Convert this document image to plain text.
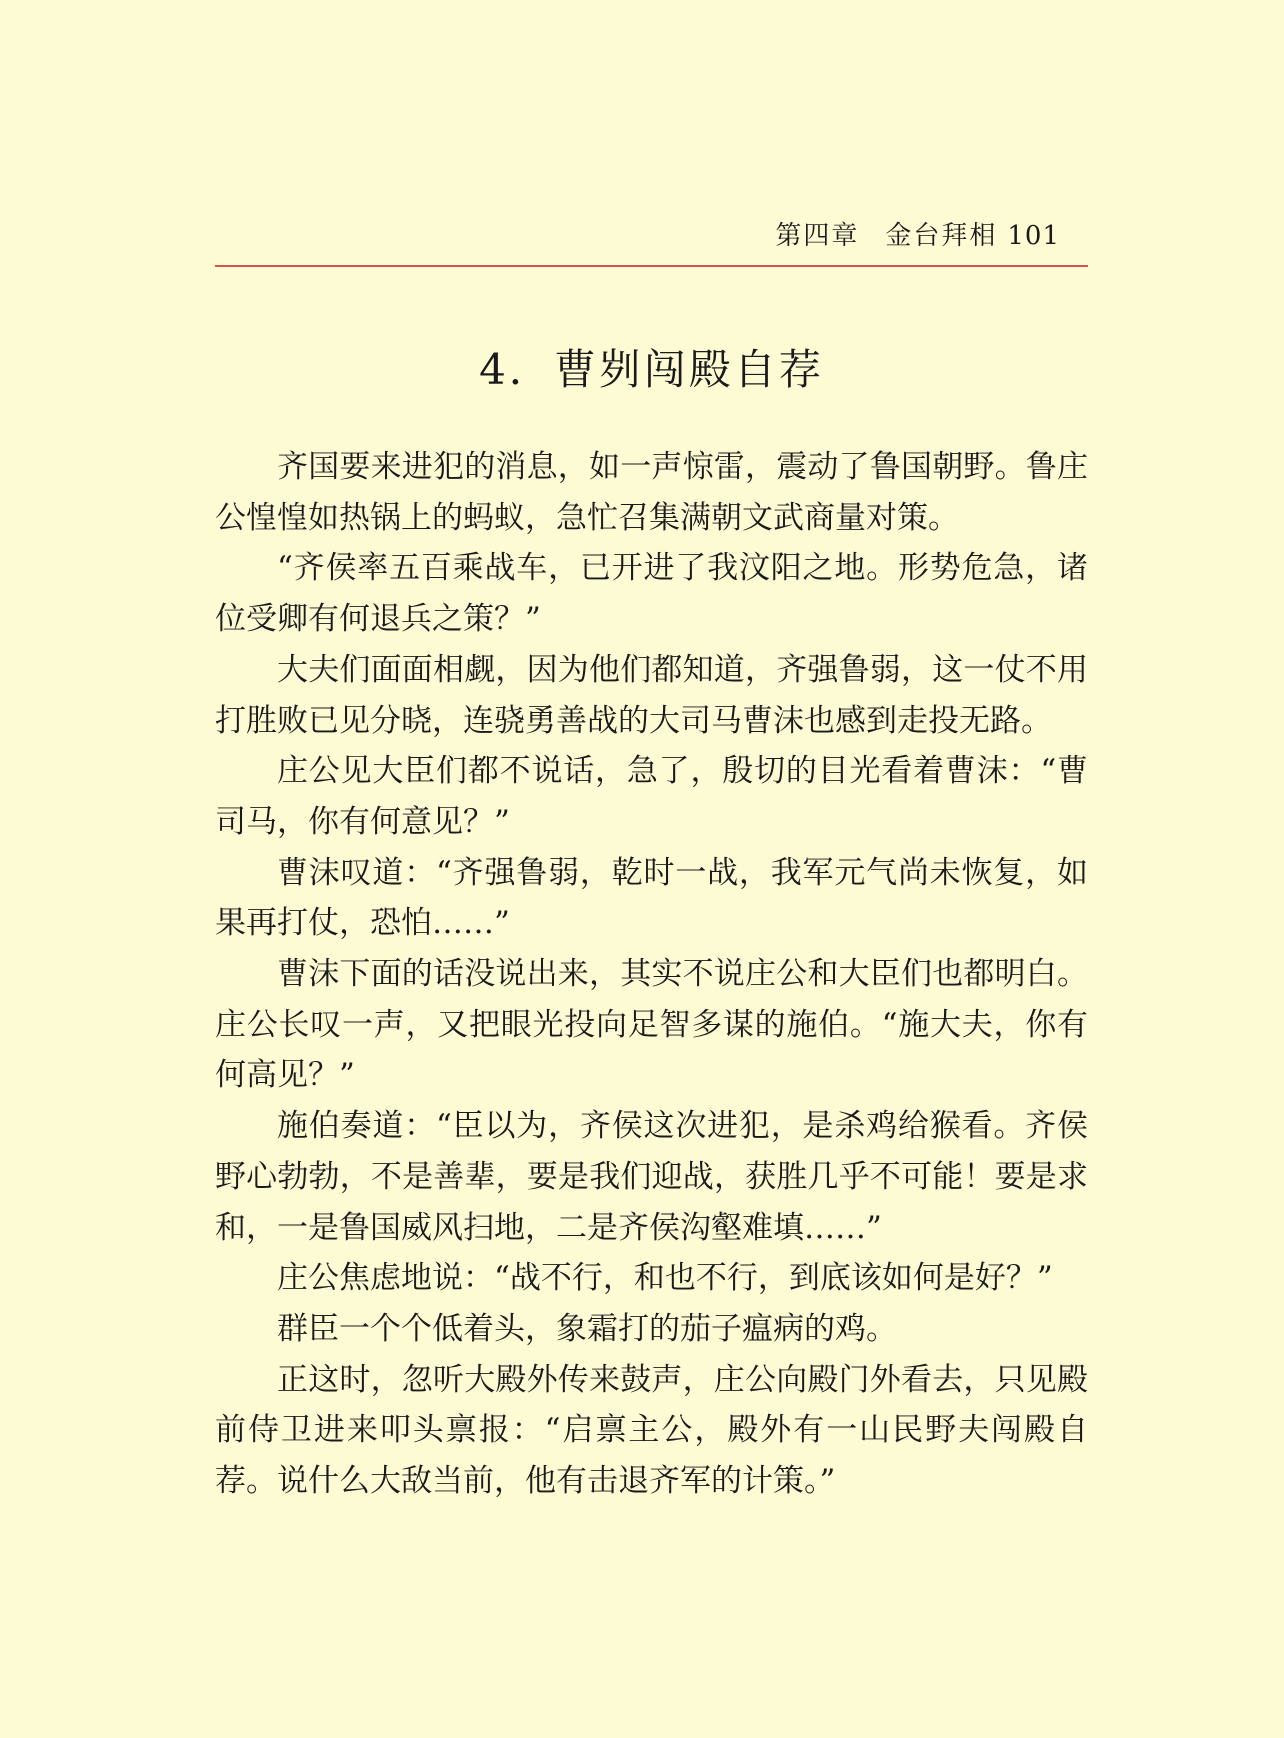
第四章 金台拜相 101
4．曹刿闯殿自荐

齐国要来进犯的消息，如一声惊雷，震动了鲁国朝野。鲁庄公惶惶如热锅上的蚂蚁，急忙召集满朝文武商量对策。

“齐侯率五百乘战车，已开进了我汶阳之地。形势危急，诸位受卿有何退兵之策？”

大夫们面面相觑，因为他们都知道，齐强鲁弱，这一仗不用打胜败已见分晓，连骁勇善战的大司马曹沫也感到走投无路。

庄公见大臣们都不说话，急了，殷切的目光看着曹沫：“曹司马，你有何意见？”

曹沫叹道：“齐强鲁弱，乾时一战，我军元气尚未恢复，如果再打仗，恐怕……”

曹沫下面的话没说出来，其实不说庄公和大臣们也都明白。庄公长叹一声，又把眼光投向足智多谋的施伯。“施大夫，你有何高见？”

施伯奏道：“臣以为，齐侯这次进犯，是杀鸡给猴看。齐侯野心勃勃，不是善辈，要是我们迎战，获胜几乎不可能！要是求和，一是鲁国威风扫地，二是齐侯沟壑难填……”

庄公焦虑地说：“战不行，和也不行，到底该如何是好？”

群臣一个个低着头，象霜打的茄子瘟病的鸡。

正这时，忽听大殿外传来鼓声，庄公向殿门外看去，只见殿前侍卫进来叩头禀报：“启禀主公，殿外有一山民野夫闯殿自荐。说什么大敌当前，他有击退齐军的计策。”
